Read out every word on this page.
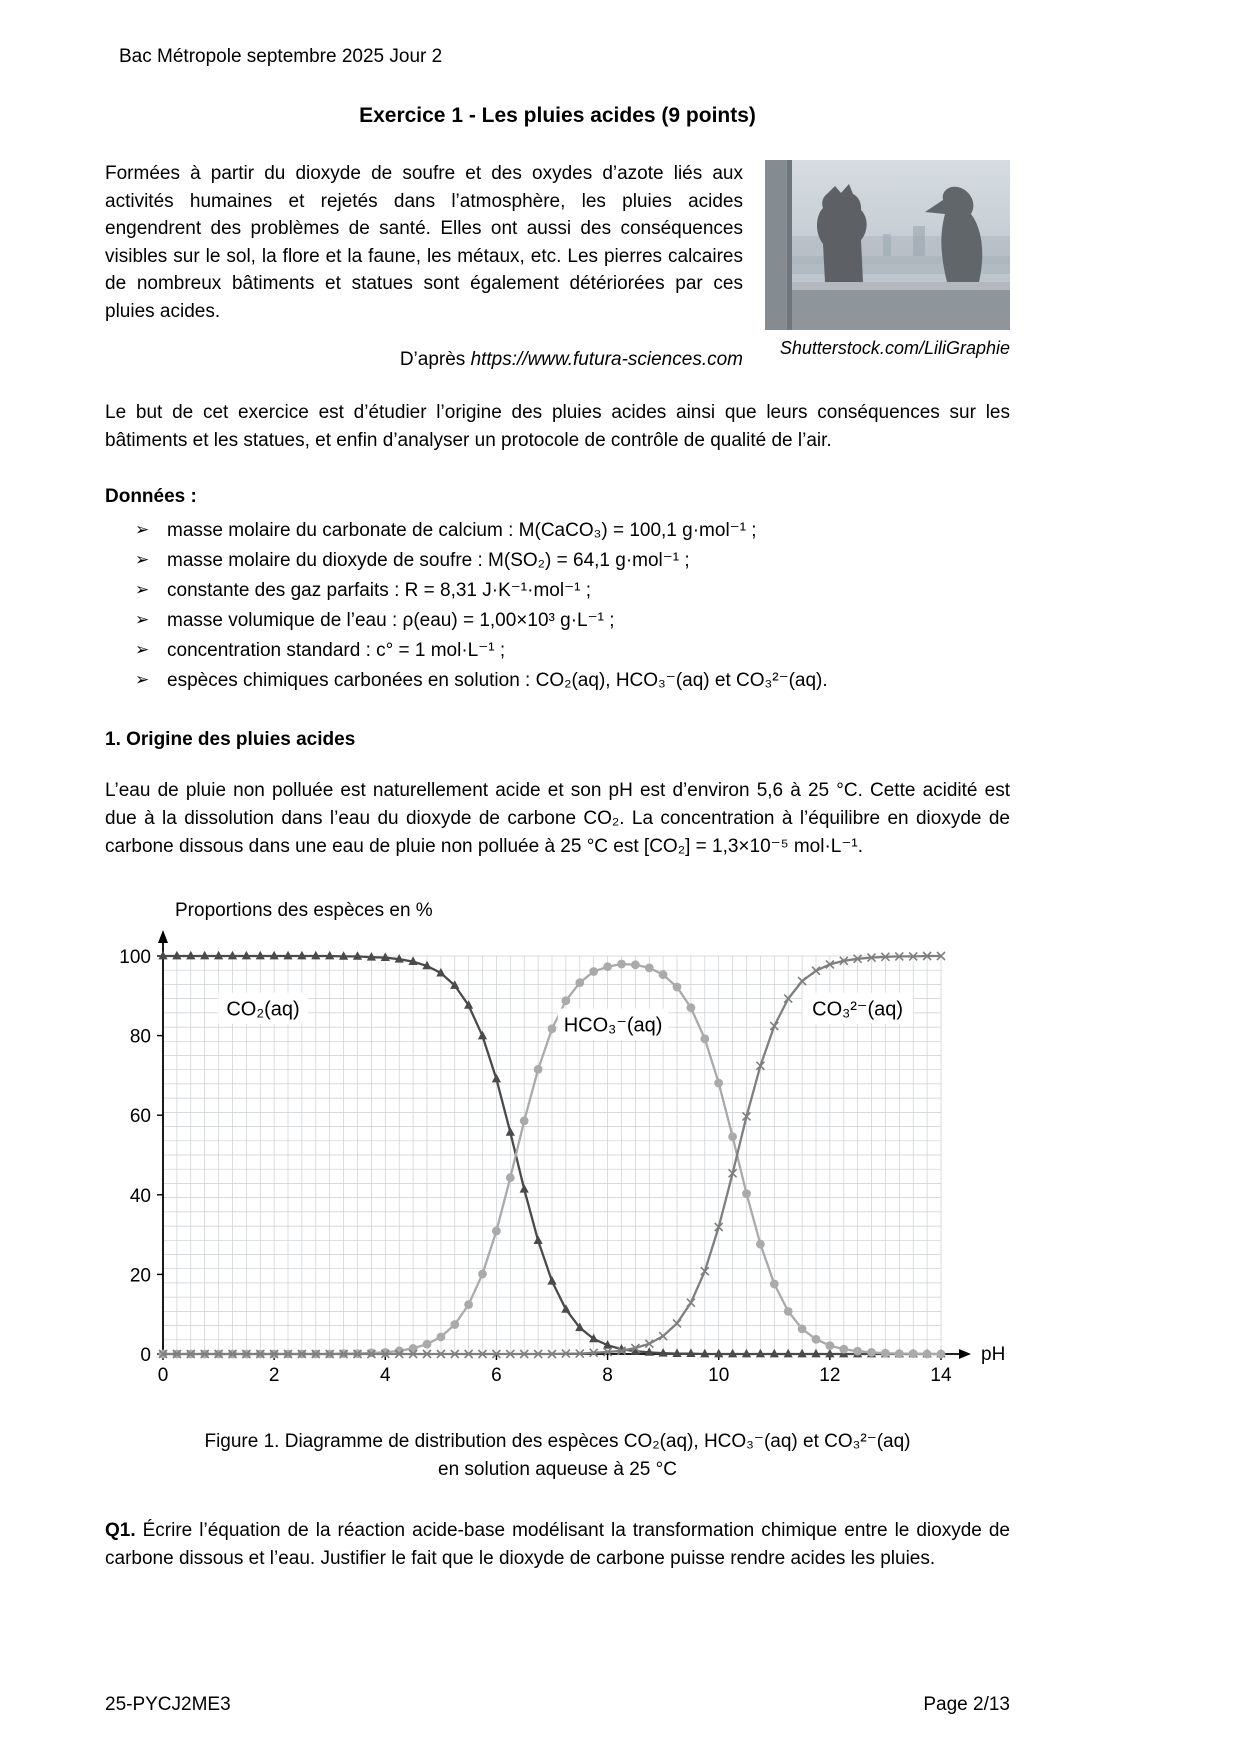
Bac Métropole septembre 2025 Jour 2
Exercice 1 - Les pluies acides (9 points)
Formées à partir du dioxyde de soufre et des oxydes d’azote liés aux activités humaines et rejetés dans l’atmosphère, les pluies acides engendrent des problèmes de santé. Elles ont aussi des conséquences visibles sur le sol, la flore et la faune, les métaux, etc. Les pierres calcaires de nombreux bâtiments et statues sont également détériorées par ces pluies acides.
D’après https://www.futura-sciences.com
Shutterstock.com/LiliGraphie
Le but de cet exercice est d’étudier l’origine des pluies acides ainsi que leurs conséquences sur les bâtiments et les statues, et enfin d’analyser un protocole de contrôle de qualité de l’air.
Données :
➢ masse molaire du carbonate de calcium : M(CaCO₃) = 100,1 g·mol⁻¹ ;
➢ masse molaire du dioxyde de soufre : M(SO₂) = 64,1 g·mol⁻¹ ;
➢ constante des gaz parfaits : R = 8,31 J·K⁻¹·mol⁻¹ ;
➢ masse volumique de l’eau : ρ(eau) = 1,00×10³ g·L⁻¹ ;
➢ concentration standard : c° = 1 mol·L⁻¹ ;
➢ espèces chimiques carbonées en solution : CO₂(aq), HCO₃⁻(aq) et CO₃²⁻(aq).
1. Origine des pluies acides
L’eau de pluie non polluée est naturellement acide et son pH est d’environ 5,6 à 25 °C. Cette acidité est due à la dissolution dans l’eau du dioxyde de carbone CO₂. La concentration à l’équilibre en dioxyde de carbone dissous dans une eau de pluie non polluée à 25 °C est [CO₂] = 1,3×10⁻⁵ mol·L⁻¹.
Proportions des espèces en %
0	2	4	6	8	10	12	14
0
20
40
60
80
100
pH
CO₂(aq)
HCO₃⁻(aq)
CO₃²⁻(aq)
Figure 1. Diagramme de distribution des espèces CO₂(aq), HCO₃⁻(aq) et CO₃²⁻(aq)
en solution aqueuse à 25 °C
Q1. Écrire l’équation de la réaction acide-base modélisant la transformation chimique entre le dioxyde de carbone dissous et l’eau. Justifier le fait que le dioxyde de carbone puisse rendre acides les pluies.
25-PYCJ2ME3	Page 2/13
